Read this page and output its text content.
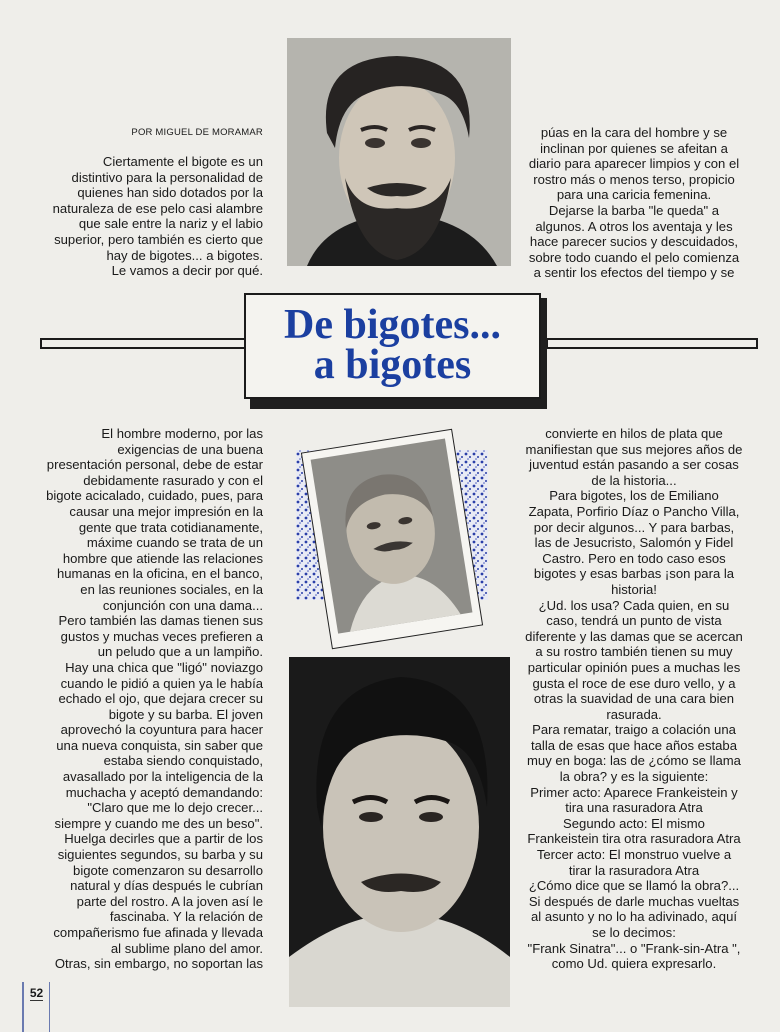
POR MIGUEL DE MORAMAR

Ciertamente el bigote es un

distintivo para la personalidad de

quienes han sido dotados por la

naturaleza de ese pelo casi alambre

que sale entre la nariz y el labio

superior, pero también es cierto que

hay de bigotes... a bigotes.

Le vamos a decir por qué.

púas en la cara del hombre y se

inclinan por quienes se afeitan a

diario para aparecer limpios y con el

rostro más o menos terso, propicio

para una caricia femenina.

Dejarse la barba "le queda" a

algunos. A otros los aventaja y les

hace parecer sucios y descuidados,

sobre todo cuando el pelo comienza

a sentir los efectos del tiempo y se

De bigotes...
a bigotes

El hombre moderno, por las

exigencias de una buena

presentación personal, debe de estar

debidamente rasurado y con el

bigote acicalado, cuidado, pues, para

causar una mejor impresión en la

gente que trata cotidianamente,

máxime cuando se trata de un

hombre que atiende las relaciones

humanas en la oficina, en el banco,

en las reuniones sociales, en la

conjunción con una dama...

Pero también las damas tienen sus

gustos y muchas veces prefieren a

un peludo que a un lampiño.

Hay una chica que "ligó" noviazgo

cuando le pidió a quien ya le había

echado el ojo, que dejara crecer su

bigote y su barba. El joven

aprovechó la coyuntura para hacer

una nueva conquista, sin saber que

estaba siendo conquistado,

avasallado por la inteligencia de la

muchacha y aceptó demandando:

"Claro que me lo dejo crecer...

siempre y cuando me des un beso".

Huelga decirles que a partir de los

siguientes segundos, su barba y su

bigote comenzaron su desarrollo

natural y días después le cubrían

parte del rostro. A la joven así le

fascinaba. Y la relación de

compañerismo fue afinada y llevada

al sublime plano del amor.

Otras, sin embargo, no soportan las

convierte en hilos de plata que

manifiestan que sus mejores años de

juventud están pasando a ser cosas

de la historia...

Para bigotes, los de Emiliano

Zapata, Porfirio Díaz o Pancho Villa,

por decir algunos... Y para barbas,

las de Jesucristo, Salomón y Fidel

Castro. Pero en todo caso esos

bigotes y esas barbas ¡son para la

historia!

¿Ud. los usa? Cada quien, en su

caso, tendrá un punto de vista

diferente y las damas que se acercan

a su rostro también tienen su muy

particular opinión pues a muchas les

gusta el roce de ese duro vello, y a

otras la suavidad de una cara bien

rasurada.

Para rematar, traigo a colación una

talla de esas que hace años estaba

muy en boga: las de ¿cómo se llama

la obra? y es la siguiente:

Primer acto: Aparece Frankeistein y

tira una rasuradora Atra

Segundo acto: El mismo

Frankeistein tira otra rasuradora Atra

Tercer acto: El monstruo vuelve a

tirar la rasuradora Atra

¿Cómo dice que se llamó la obra?...

Si después de darle muchas vueltas

al asunto y no lo ha adivinado, aquí

se lo decimos:

"Frank Sinatra"... o "Frank-sin-Atra ",

como Ud. quiera expresarlo.

52
